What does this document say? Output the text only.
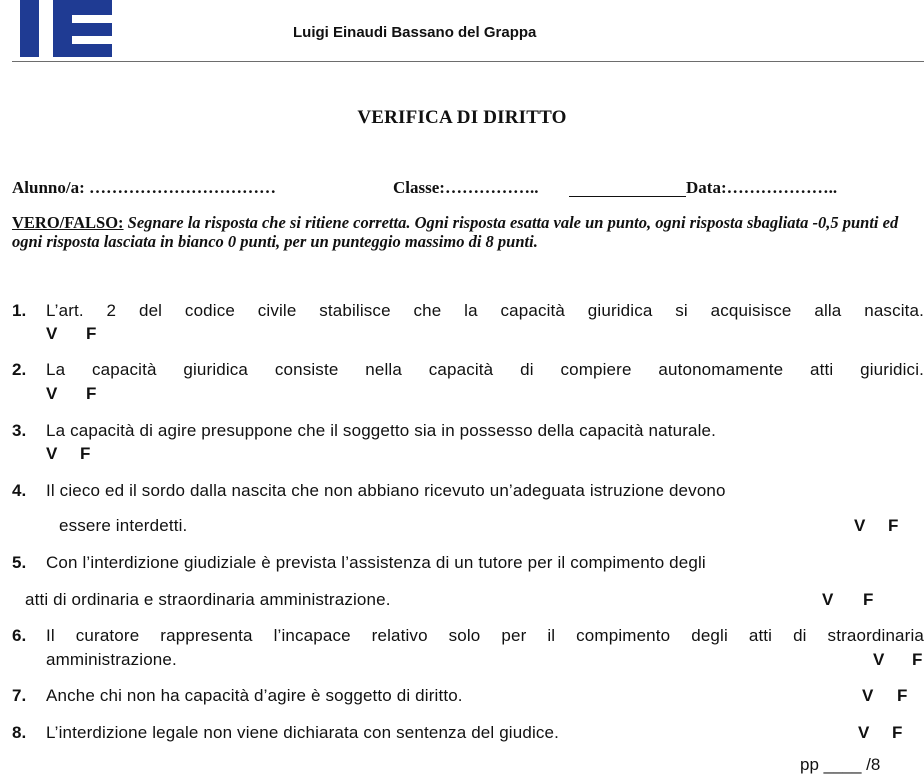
Luigi Einaudi Bassano del Grappa
VERIFICA DI DIRITTO
Alunno/a: ……………………………	Classe:……………..	Data:………………..
VERO/FALSO: Segnare la risposta che si ritiene corretta. Ogni risposta esatta vale un punto, ogni risposta sbagliata -0,5 punti ed ogni risposta lasciata in bianco 0 punti, per un punteggio massimo di 8 punti.
1. L’art. 2 del codice civile stabilisce che la capacità giuridica si acquisisce alla nascita.
V F
2. La capacità giuridica consiste nella capacità di compiere autonomamente atti giuridici.
V F
3. La capacità di agire presuppone che il soggetto sia in possesso della capacità naturale.
V F
4. Il cieco ed il sordo dalla nascita che non abbiano ricevuto un’adeguata istruzione devono
essere interdetti.	V F
5. Con l’interdizione giudiziale è prevista l’assistenza di un tutore per il compimento degli
atti di ordinaria e straordinaria amministrazione.	V F
6. Il curatore rappresenta l’incapace relativo solo per il compimento degli atti di straordinaria
amministrazione.	V F
7. Anche chi non ha capacità d’agire è soggetto di diritto.	V F
8. L’interdizione legale non viene dichiarata con sentenza del giudice.	V F
pp ____ /8
